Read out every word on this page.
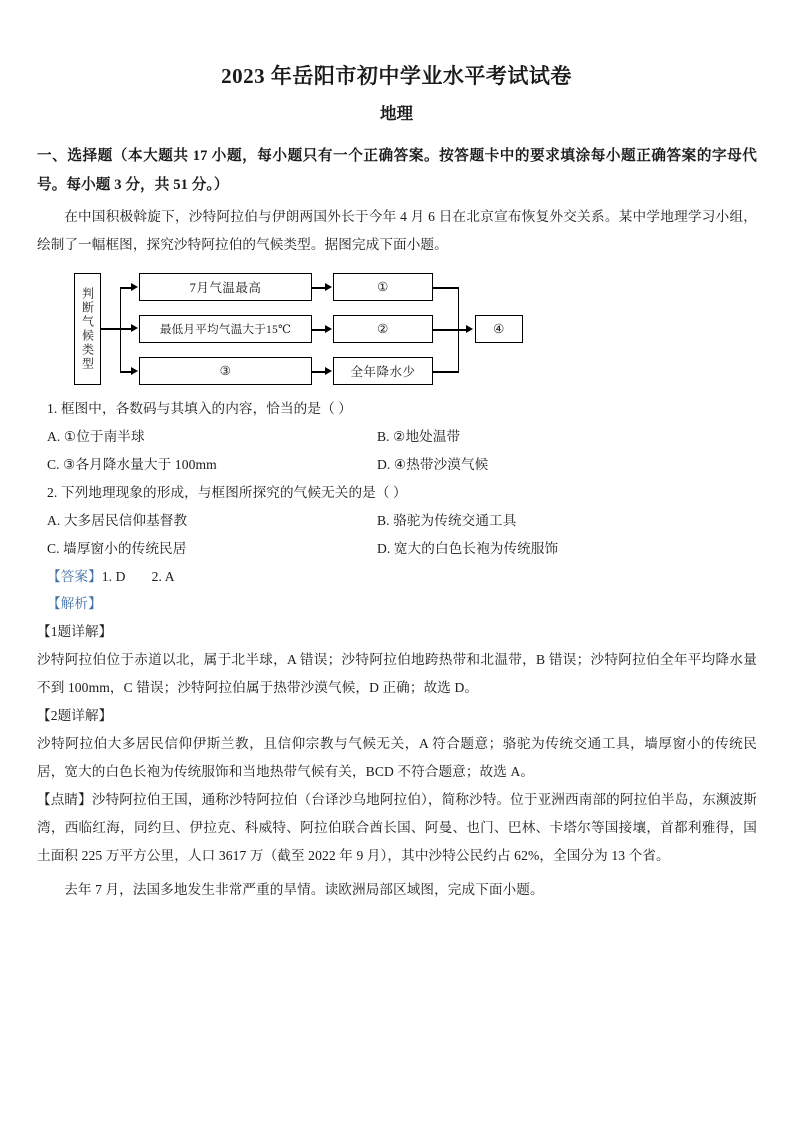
2023 年岳阳市初中学业水平考试试卷
地理
一、选择题（本大题共 17 小题，每小题只有一个正确答案。按答题卡中的要求填涂每小题正确答案的字母代号。每小题 3 分，共 51 分。）
在中国积极斡旋下，沙特阿拉伯与伊朗两国外长于今年 4 月 6 日在北京宣布恢复外交关系。某中学地理学习小组，绘制了一幅框图，探究沙特阿拉伯的气候类型。据图完成下面小题。
判断气候类型	7月气温最高
最低月平均气温大于15℃
③
①
②
全年降水少
④
1. 框图中，各数码与其填入的内容，恰当的是（ ）
A. ①位于南半球	B. ②地处温带
C. ③各月降水量大于 100mm	D. ④热带沙漠气候
2. 下列地理现象的形成，与框图所探究的气候无关的是（ ）
A. 大多居民信仰基督教	B. 骆驼为传统交通工具
C. 墙厚窗小的传统民居	D. 宽大的白色长袍为传统服饰
【答案】1. D 2. A
【解析】
【1题详解】
沙特阿拉伯位于赤道以北，属于北半球，A 错误；沙特阿拉伯地跨热带和北温带，B 错误；沙特阿拉伯全年平均降水量不到 100mm，C 错误；沙特阿拉伯属于热带沙漠气候，D 正确；故选 D。
【2题详解】
沙特阿拉伯大多居民信仰伊斯兰教，且信仰宗教与气候无关，A 符合题意；骆驼为传统交通工具，墙厚窗小的传统民居，宽大的白色长袍为传统服饰和当地热带气候有关，BCD 不符合题意；故选 A。
【点睛】沙特阿拉伯王国，通称沙特阿拉伯（台译沙乌地阿拉伯），简称沙特。位于亚洲西南部的阿拉伯半岛，东濒波斯湾，西临红海，同约旦、伊拉克、科威特、阿拉伯联合酋长国、阿曼、也门、巴林、卡塔尔等国接壤，首都利雅得，国土面积 225 万平方公里，人口 3617 万（截至 2022 年 9 月），其中沙特公民约占 62%，全国分为 13 个省。
去年 7 月，法国多地发生非常严重的旱情。读欧洲局部区域图，完成下面小题。
